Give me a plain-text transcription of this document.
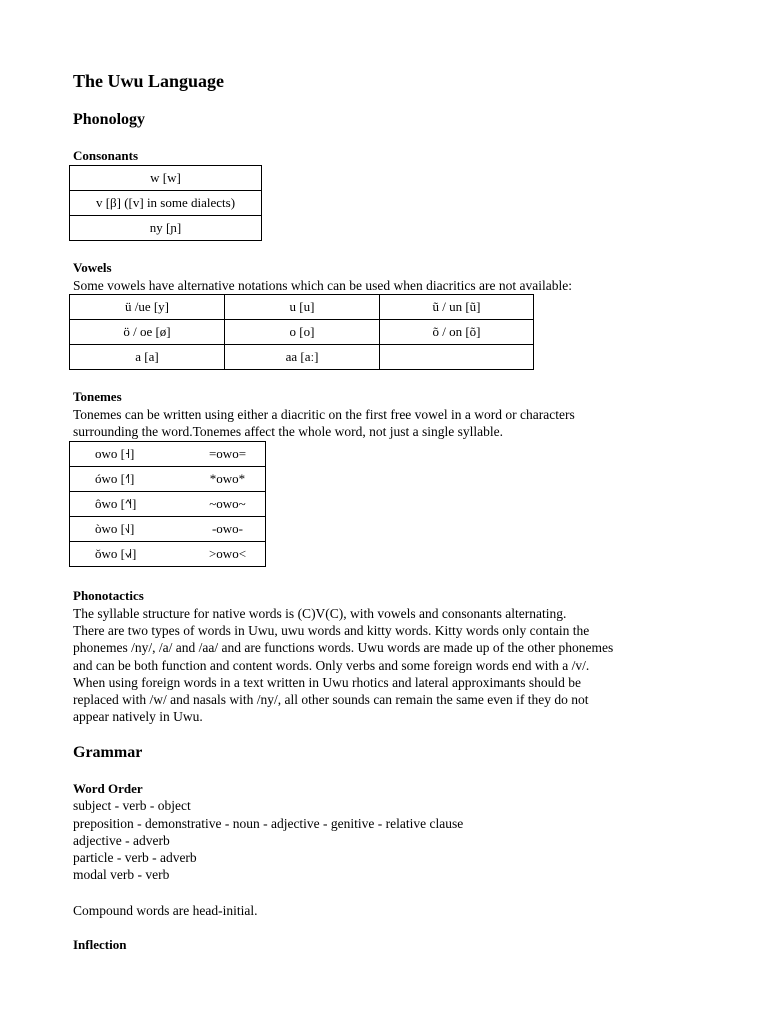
The Uwu Language
Phonology
Consonants
w [w]
v [β] ([v] in some dialects)
ny [ɲ]
Vowels

Some vowels have alternative notations which can be used when diacritics are not available:

ü /ue [y]	u [u]	ũ / un [ũ]
ö / oe [ø]	o [o]	õ / on [õ]
a [a]	aa [aː]	
Tonemes

Tonemes can be written using either a diacritic on the first free vowel in a word or characters

surrounding the word.Tonemes affect the whole word, not just a single syllable.

owo [˧]	=owo=
ówo [˧˥]	*owo*
ôwo [˧˥˧]	~owo~
òwo [˧˩]	-owo-
ǒwo [˧˩˧]	>owo<
Phonotactics

The syllable structure for native words is (C)V(C), with vowels and consonants alternating.

There are two types of words in Uwu, uwu words and kitty words. Kitty words only contain the

phonemes /ny/, /a/ and /aa/ and are functions words. Uwu words are made up of the other phonemes

and can be both function and content words. Only verbs and some foreign words end with a /v/.

When using foreign words in a text written in Uwu rhotics and lateral approximants should be

replaced with /w/ and nasals with /ny/, all other sounds can remain the same even if they do not

appear natively in Uwu.

Grammar
Word Order

subject - verb - object

preposition - demonstrative - noun - adjective - genitive - relative clause

adjective - adverb

particle - verb - adverb

modal verb - verb

Compound words are head-initial.

Inflection
